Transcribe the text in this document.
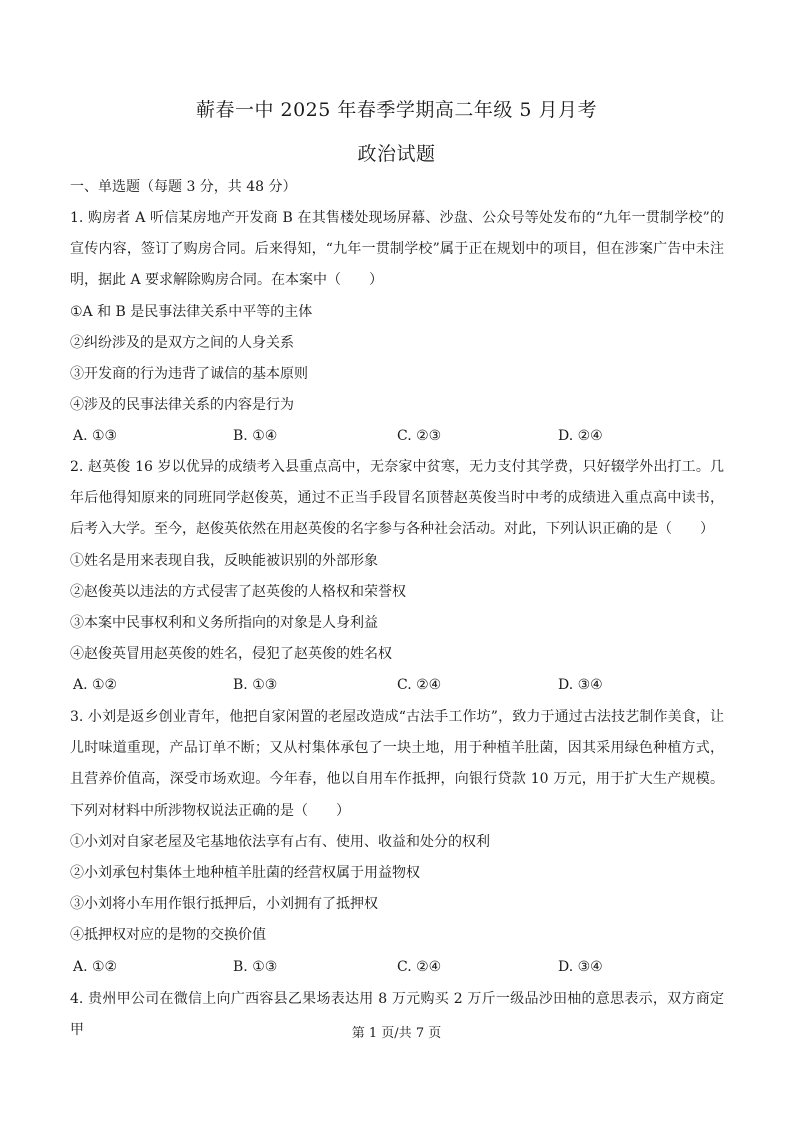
蕲春一中 2025 年春季学期高二年级 5 月月考
政治试题
一、单选题（每题 3 分，共 48 分）
1. 购房者 A 听信某房地产开发商 B 在其售楼处现场屏幕、沙盘、公众号等处发布的“九年一贯制学校”的宣传内容，签订了购房合同。后来得知，“九年一贯制学校”属于正在规划中的项目，但在涉案广告中未注明，据此 A 要求解除购房合同。在本案中（　　）
①A 和 B 是民事法律关系中平等的主体
②纠纷涉及的是双方之间的人身关系
③开发商的行为违背了诚信的基本原则
④涉及的民事法律关系的内容是行为
A. ①③	B. ①④	C. ②③	D. ②④
2. 赵英俊 16 岁以优异的成绩考入县重点高中，无奈家中贫寒，无力支付其学费，只好辍学外出打工。几年后他得知原来的同班同学赵俊英，通过不正当手段冒名顶替赵英俊当时中考的成绩进入重点高中读书，后考入大学。至今，赵俊英依然在用赵英俊的名字参与各种社会活动。对此，下列认识正确的是（　　）
①姓名是用来表现自我，反映能被识别的外部形象
②赵俊英以违法的方式侵害了赵英俊的人格权和荣誉权
③本案中民事权利和义务所指向的对象是人身利益
④赵俊英冒用赵英俊的姓名，侵犯了赵英俊的姓名权
A. ①②	B. ①③	C. ②④	D. ③④
3. 小刘是返乡创业青年，他把自家闲置的老屋改造成“古法手工作坊”，致力于通过古法技艺制作美食，让儿时味道重现，产品订单不断；又从村集体承包了一块土地，用于种植羊肚菌，因其采用绿色种植方式，且营养价值高，深受市场欢迎。今年春，他以自用车作抵押，向银行贷款 10 万元，用于扩大生产规模。下列对材料中所涉物权说法正确的是（　　）
①小刘对自家老屋及宅基地依法享有占有、使用、收益和处分的权利
②小刘承包村集体土地种植羊肚菌的经营权属于用益物权
③小刘将小车用作银行抵押后，小刘拥有了抵押权
④抵押权对应的是物的交换价值
A. ①②	B. ①③	C. ②④	D. ③④
4. 贵州甲公司在微信上向广西容县乙果场表达用 8 万元购买 2 万斤一级品沙田柚的意思表示，双方商定甲	第 1 页/共 7 页
